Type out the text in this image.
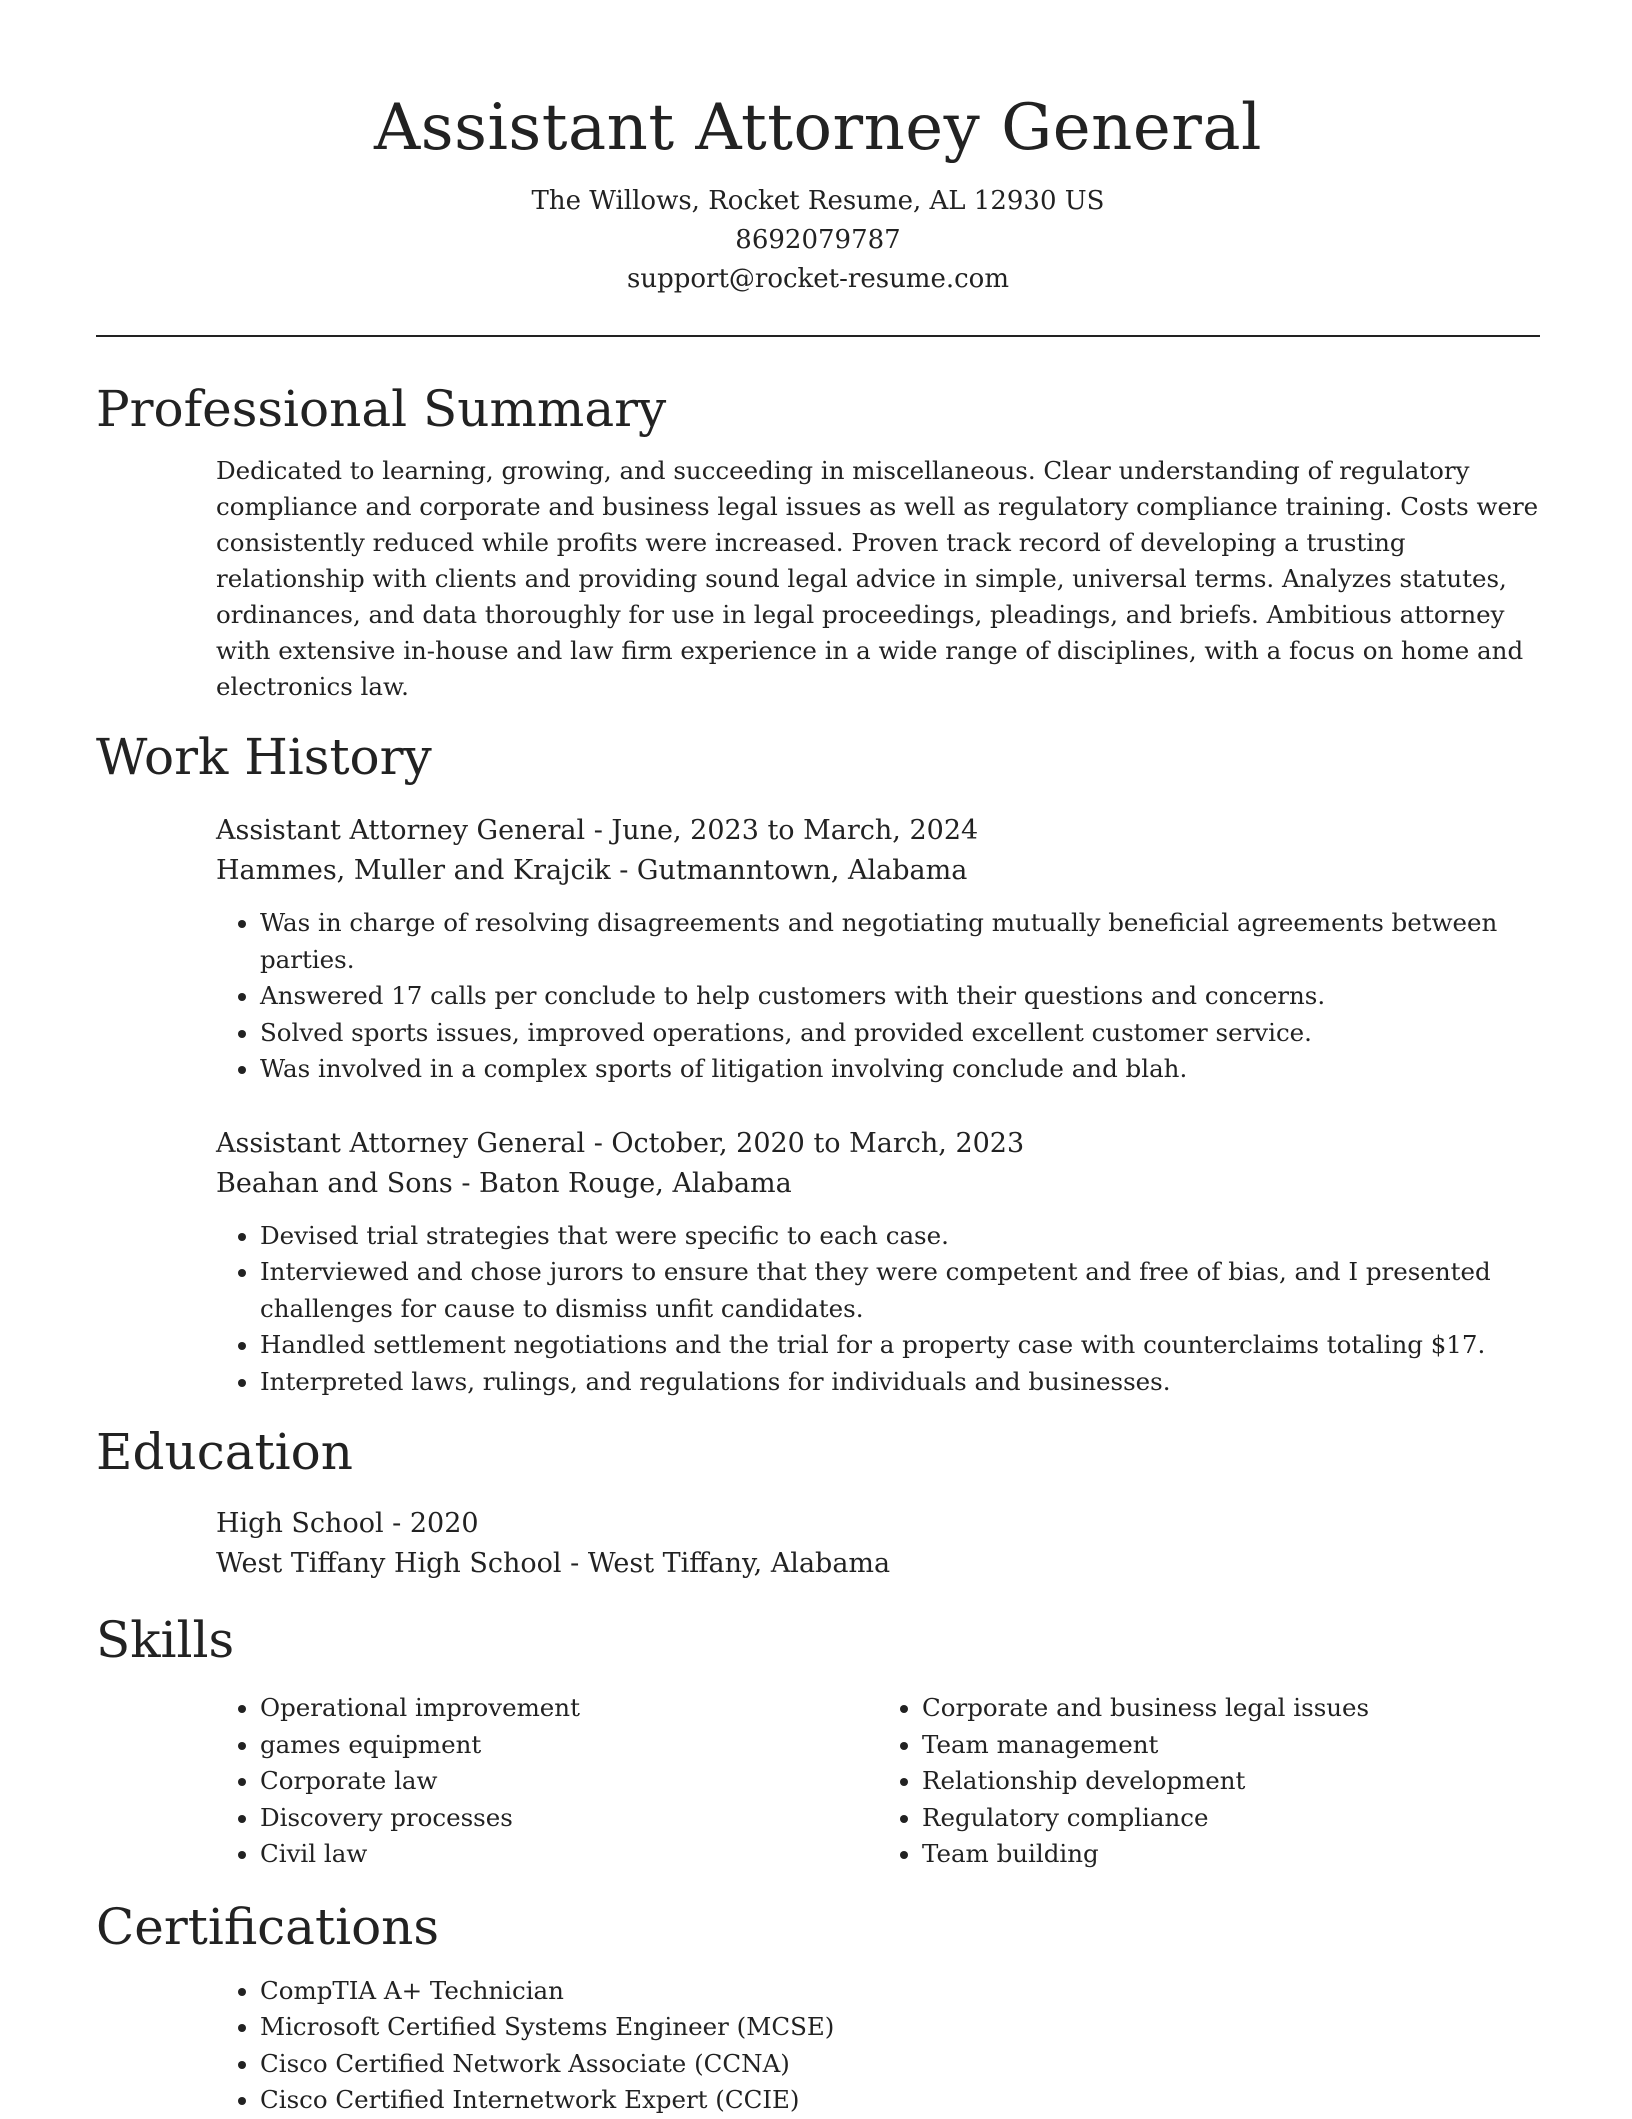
Assistant Attorney General
The Willows, Rocket Resume, AL 12930 US
8692079787
support@rocket-resume.com
Professional Summary

Dedicated to learning, growing, and succeeding in miscellaneous. Clear understanding of regulatory compliance and corporate and business legal issues as well as regulatory compliance training. Costs were consistently reduced while profits were increased. Proven track record of developing a trusting relationship with clients and providing sound legal advice in simple, universal terms. Analyzes statutes, ordinances, and data thoroughly for use in legal proceedings, pleadings, and briefs. Ambitious attorney with extensive in-house and law firm experience in a wide range of disciplines, with a focus on home and electronics law.

Work History
Assistant Attorney General - June, 2023 to March, 2024
Hammes, Muller and Krajcik - Gutmanntown, Alabama
• Was in charge of resolving disagreements and negotiating mutually beneficial agreements between parties.
• Answered 17 calls per conclude to help customers with their questions and concerns.
• Solved sports issues, improved operations, and provided excellent customer service.
• Was involved in a complex sports of litigation involving conclude and blah.
Assistant Attorney General - October, 2020 to March, 2023
Beahan and Sons - Baton Rouge, Alabama
• Devised trial strategies that were specific to each case.
• Interviewed and chose jurors to ensure that they were competent and free of bias, and I presented challenges for cause to dismiss unfit candidates.
• Handled settlement negotiations and the trial for a property case with counterclaims totaling $17.
• Interpreted laws, rulings, and regulations for individuals and businesses.
Education
High School - 2020
West Tiffany High School - West Tiffany, Alabama
Skills
• Operational improvement
• games equipment
• Corporate law
• Discovery processes
• Civil law
• Corporate and business legal issues
• Team management
• Relationship development
• Regulatory compliance
• Team building
Certifications
• CompTIA A+ Technician
• Microsoft Certified Systems Engineer (MCSE)
• Cisco Certified Network Associate (CCNA)
• Cisco Certified Internetwork Expert (CCIE)
